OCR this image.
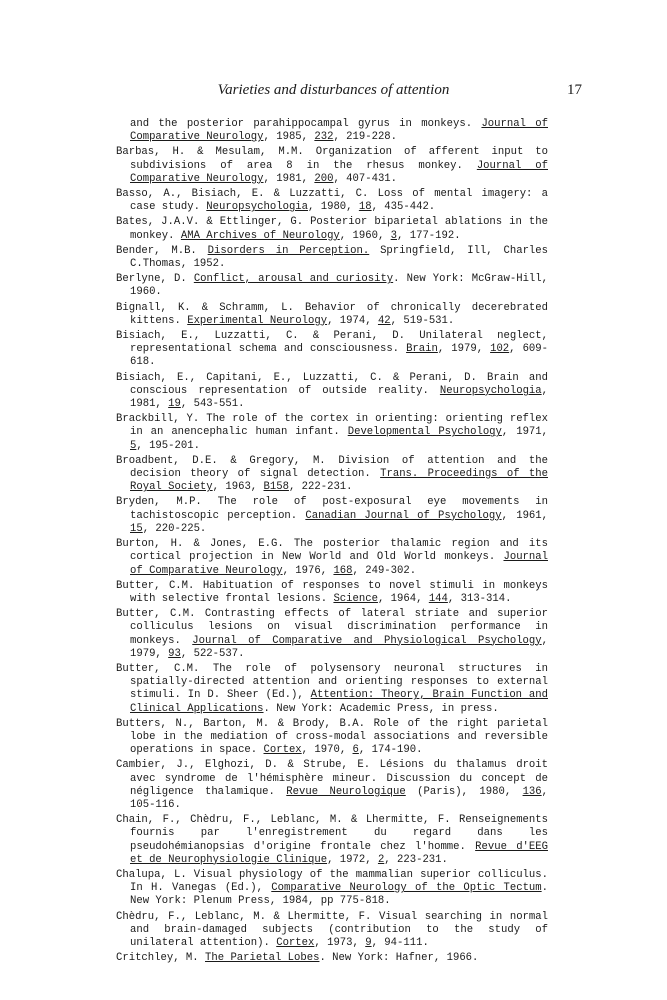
Varieties and disturbances of attention	17

and the posterior parahippocampal gyrus in monkeys. Journal of Comparative Neurology, 1985, 232, 219-228.

Barbas, H. & Mesulam, M.M. Organization of afferent input to subdivisions of area 8 in the rhesus monkey. Journal of Comparative Neurology, 1981, 200, 407-431.

Basso, A., Bisiach, E. & Luzzatti, C. Loss of mental imagery: a case study. Neuropsychologia, 1980, 18, 435-442.

Bates, J.A.V. & Ettlinger, G. Posterior biparietal ablations in the monkey. AMA Archives of Neurology, 1960, 3, 177-192.

Bender, M.B. Disorders in Perception. Springfield, Ill, Charles C.Thomas, 1952.

Berlyne, D. Conflict, arousal and curiosity. New York: McGraw-Hill, 1960.

Bignall, K. & Schramm, L. Behavior of chronically decerebrated kittens. Experimental Neurology, 1974, 42, 519-531.

Bisiach, E., Luzzatti, C. & Perani, D. Unilateral neglect, representational schema and consciousness. Brain, 1979, 102, 609-618.

Bisiach, E., Capitani, E., Luzzatti, C. & Perani, D. Brain and conscious representation of outside reality. Neuropsychologia, 1981, 19, 543-551.

Brackbill, Y. The role of the cortex in orienting: orienting reflex in an anencephalic human infant. Developmental Psychology, 1971, 5, 195-201.

Broadbent, D.E. & Gregory, M. Division of attention and the decision theory of signal detection. Trans. Proceedings of the Royal Society, 1963, B158, 222-231.

Bryden, M.P. The role of post-exposural eye movements in tachistoscopic perception. Canadian Journal of Psychology, 1961, 15, 220-225.

Burton, H. & Jones, E.G. The posterior thalamic region and its cortical projection in New World and Old World monkeys. Journal of Comparative Neurology, 1976, 168, 249-302.

Butter, C.M. Habituation of responses to novel stimuli in monkeys with selective frontal lesions. Science, 1964, 144, 313-314.

Butter, C.M. Contrasting effects of lateral striate and superior colliculus lesions on visual discrimination performance in monkeys. Journal of Comparative and Physiological Psychology, 1979, 93, 522-537.

Butter, C.M. The role of polysensory neuronal structures in spatially-directed attention and orienting responses to external stimuli. In D. Sheer (Ed.), Attention: Theory, Brain Function and Clinical Applications. New York: Academic Press, in press.

Butters, N., Barton, M. & Brody, B.A. Role of the right parietal lobe in the mediation of cross-modal associations and reversible operations in space. Cortex, 1970, 6, 174-190.

Cambier, J., Elghozi, D. & Strube, E. Lésions du thalamus droit avec syndrome de l'hémisphère mineur. Discussion du concept de négligence thalamique. Revue Neurologique (Paris), 1980, 136, 105-116.

Chain, F., Chèdru, F., Leblanc, M. & Lhermitte, F. Renseignements fournis par l'enregistrement du regard dans les pseudohémianopsias d'origine frontale chez l'homme. Revue d'EEG et de Neurophysiologie Clinique, 1972, 2, 223-231.

Chalupa, L. Visual physiology of the mammalian superior colliculus. In H. Vanegas (Ed.), Comparative Neurology of the Optic Tectum. New York: Plenum Press, 1984, pp 775-818.

Chèdru, F., Leblanc, M. & Lhermitte, F. Visual searching in normal and brain-damaged subjects (contribution to the study of unilateral attention). Cortex, 1973, 9, 94-111.

Critchley, M. The Parietal Lobes. New York: Hafner, 1966.
